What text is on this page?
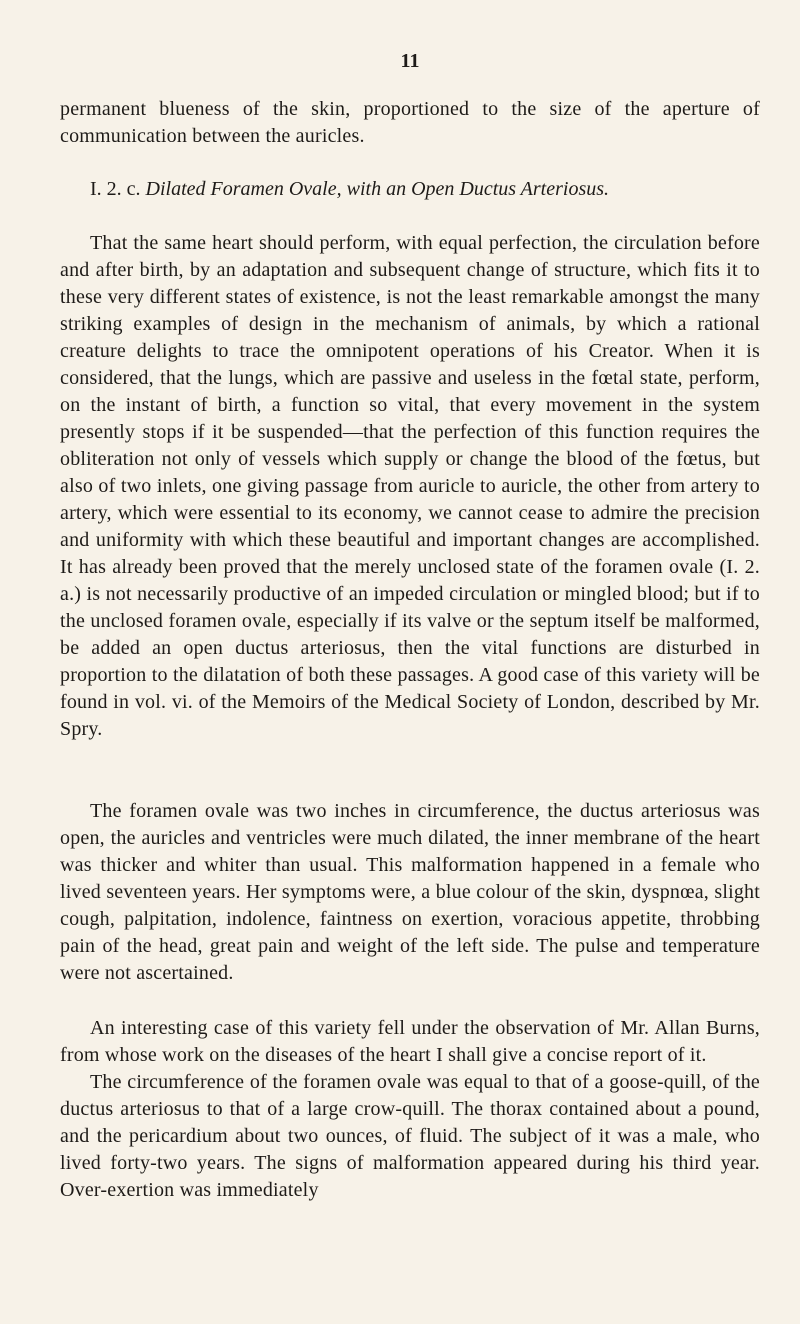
11

permanent blueness of the skin, proportioned to the size of the aperture of communication between the auricles.

I. 2. c. Dilated Foramen Ovale, with an Open Ductus Arteriosus.

That the same heart should perform, with equal perfection, the circulation before and after birth, by an adaptation and subsequent change of structure, which fits it to these very different states of existence, is not the least remarkable amongst the many striking examples of design in the mechanism of animals, by which a rational creature delights to trace the omnipotent operations of his Creator. When it is considered, that the lungs, which are passive and useless in the fœtal state, perform, on the instant of birth, a function so vital, that every movement in the system presently stops if it be suspended—that the perfection of this function requires the obliteration not only of vessels which supply or change the blood of the fœtus, but also of two inlets, one giving passage from auricle to auricle, the other from artery to artery, which were essential to its economy, we cannot cease to admire the precision and uniformity with which these beautiful and important changes are accomplished. It has already been proved that the merely unclosed state of the foramen ovale (I. 2. a.) is not necessarily productive of an impeded circulation or mingled blood; but if to the unclosed foramen ovale, especially if its valve or the septum itself be malformed, be added an open ductus arteriosus, then the vital functions are disturbed in proportion to the dilatation of both these passages. A good case of this variety will be found in vol. vi. of the Memoirs of the Medical Society of London, described by Mr. Spry.

The foramen ovale was two inches in circumference, the ductus arteriosus was open, the auricles and ventricles were much dilated, the inner membrane of the heart was thicker and whiter than usual. This malformation happened in a female who lived seventeen years. Her symptoms were, a blue colour of the skin, dyspnœa, slight cough, palpitation, indolence, faintness on exertion, voracious appetite, throbbing pain of the head, great pain and weight of the left side. The pulse and temperature were not ascertained.

An interesting case of this variety fell under the observation of Mr. Allan Burns, from whose work on the diseases of the heart I shall give a concise report of it.

The circumference of the foramen ovale was equal to that of a goose-quill, of the ductus arteriosus to that of a large crow-quill. The thorax contained about a pound, and the pericardium about two ounces, of fluid. The subject of it was a male, who lived forty-two years. The signs of malformation appeared during his third year. Over-exertion was immediately
